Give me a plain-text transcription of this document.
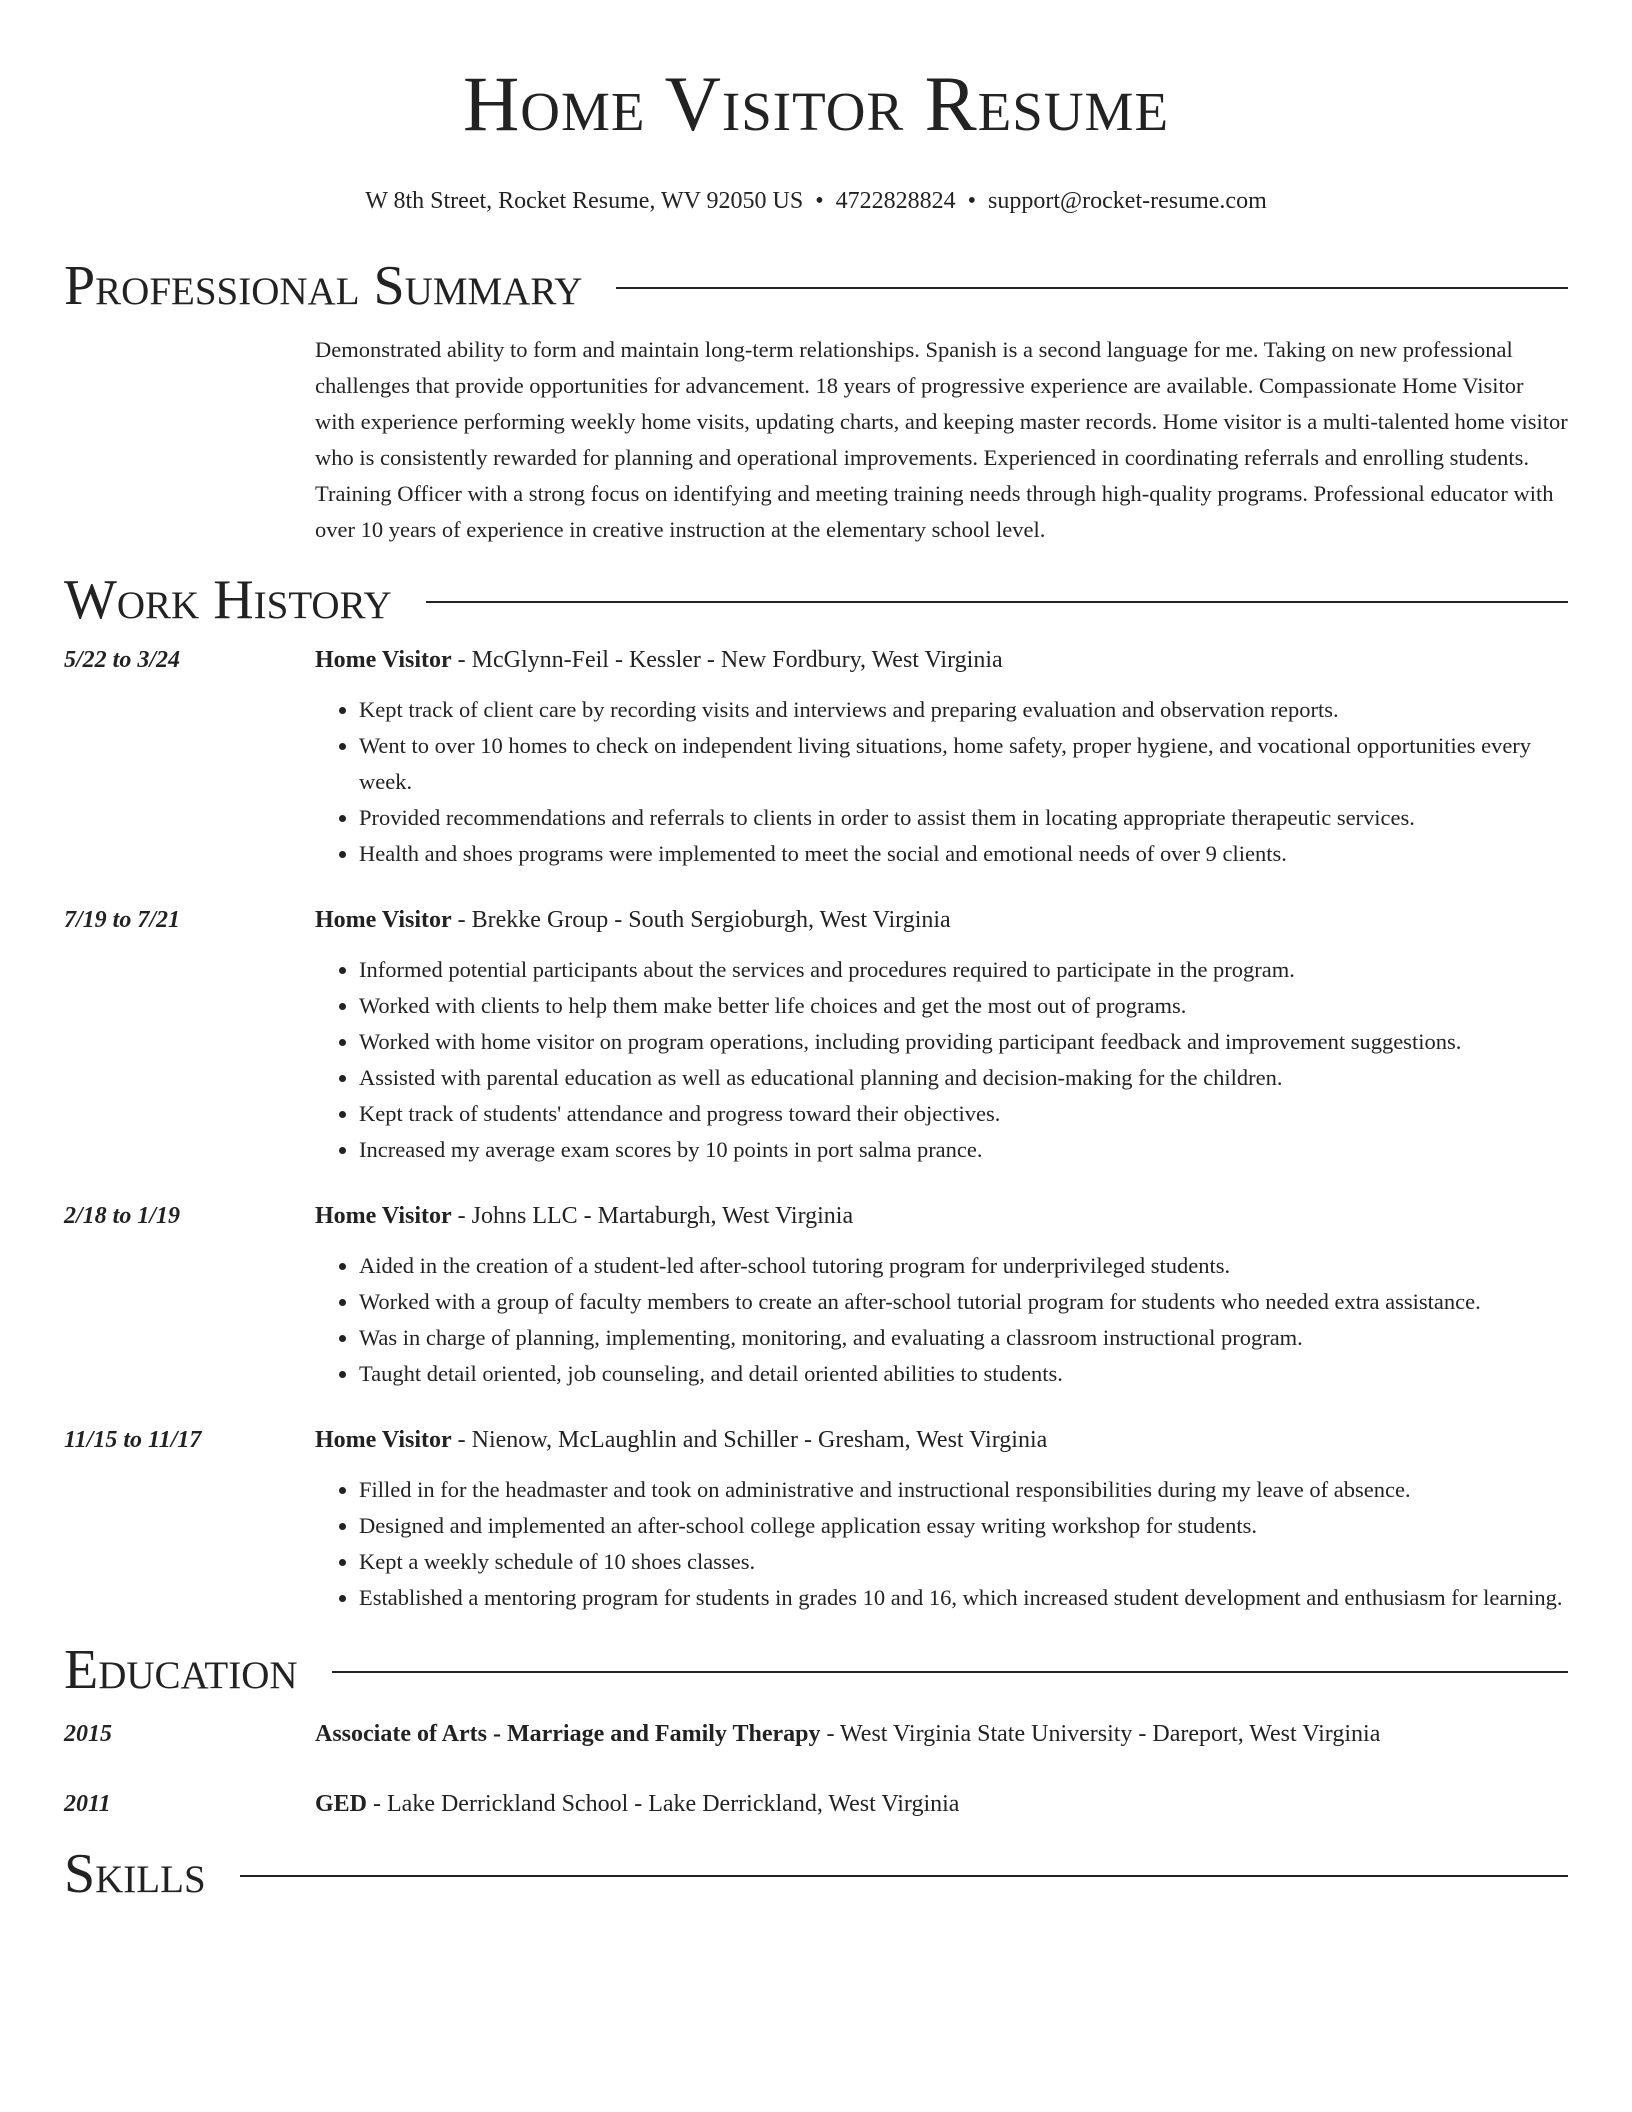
Home Visitor Resume
W 8th Street, Rocket Resume, WV 92050 US • 4722828824 • support@rocket-resume.com
Professional Summary
Demonstrated ability to form and maintain long-term relationships. Spanish is a second language for me. Taking on new professional challenges that provide opportunities for advancement. 18 years of progressive experience are available. Compassionate Home Visitor with experience performing weekly home visits, updating charts, and keeping master records. Home visitor is a multi-talented home visitor who is consistently rewarded for planning and operational improvements. Experienced in coordinating referrals and enrolling students. Training Officer with a strong focus on identifying and meeting training needs through high-quality programs. Professional educator with over 10 years of experience in creative instruction at the elementary school level.
Work History
5/22 to 3/24	Home Visitor - McGlynn-Feil - Kessler - New Fordbury, West Virginia
• Kept track of client care by recording visits and interviews and preparing evaluation and observation reports.
• Went to over 10 homes to check on independent living situations, home safety, proper hygiene, and vocational opportunities every week.
• Provided recommendations and referrals to clients in order to assist them in locating appropriate therapeutic services.
• Health and shoes programs were implemented to meet the social and emotional needs of over 9 clients.
7/19 to 7/21	Home Visitor - Brekke Group - South Sergioburgh, West Virginia
• Informed potential participants about the services and procedures required to participate in the program.
• Worked with clients to help them make better life choices and get the most out of programs.
• Worked with home visitor on program operations, including providing participant feedback and improvement suggestions.
• Assisted with parental education as well as educational planning and decision-making for the children.
• Kept track of students' attendance and progress toward their objectives.
• Increased my average exam scores by 10 points in port salma prance.
2/18 to 1/19	Home Visitor - Johns LLC - Martaburgh, West Virginia
• Aided in the creation of a student-led after-school tutoring program for underprivileged students.
• Worked with a group of faculty members to create an after-school tutorial program for students who needed extra assistance.
• Was in charge of planning, implementing, monitoring, and evaluating a classroom instructional program.
• Taught detail oriented, job counseling, and detail oriented abilities to students.
11/15 to 11/17	Home Visitor - Nienow, McLaughlin and Schiller - Gresham, West Virginia
• Filled in for the headmaster and took on administrative and instructional responsibilities during my leave of absence.
• Designed and implemented an after-school college application essay writing workshop for students.
• Kept a weekly schedule of 10 shoes classes.
• Established a mentoring program for students in grades 10 and 16, which increased student development and enthusiasm for learning.
Education
2015	Associate of Arts - Marriage and Family Therapy - West Virginia State University - Dareport, West Virginia
2011	GED - Lake Derrickland School - Lake Derrickland, West Virginia
Skills
